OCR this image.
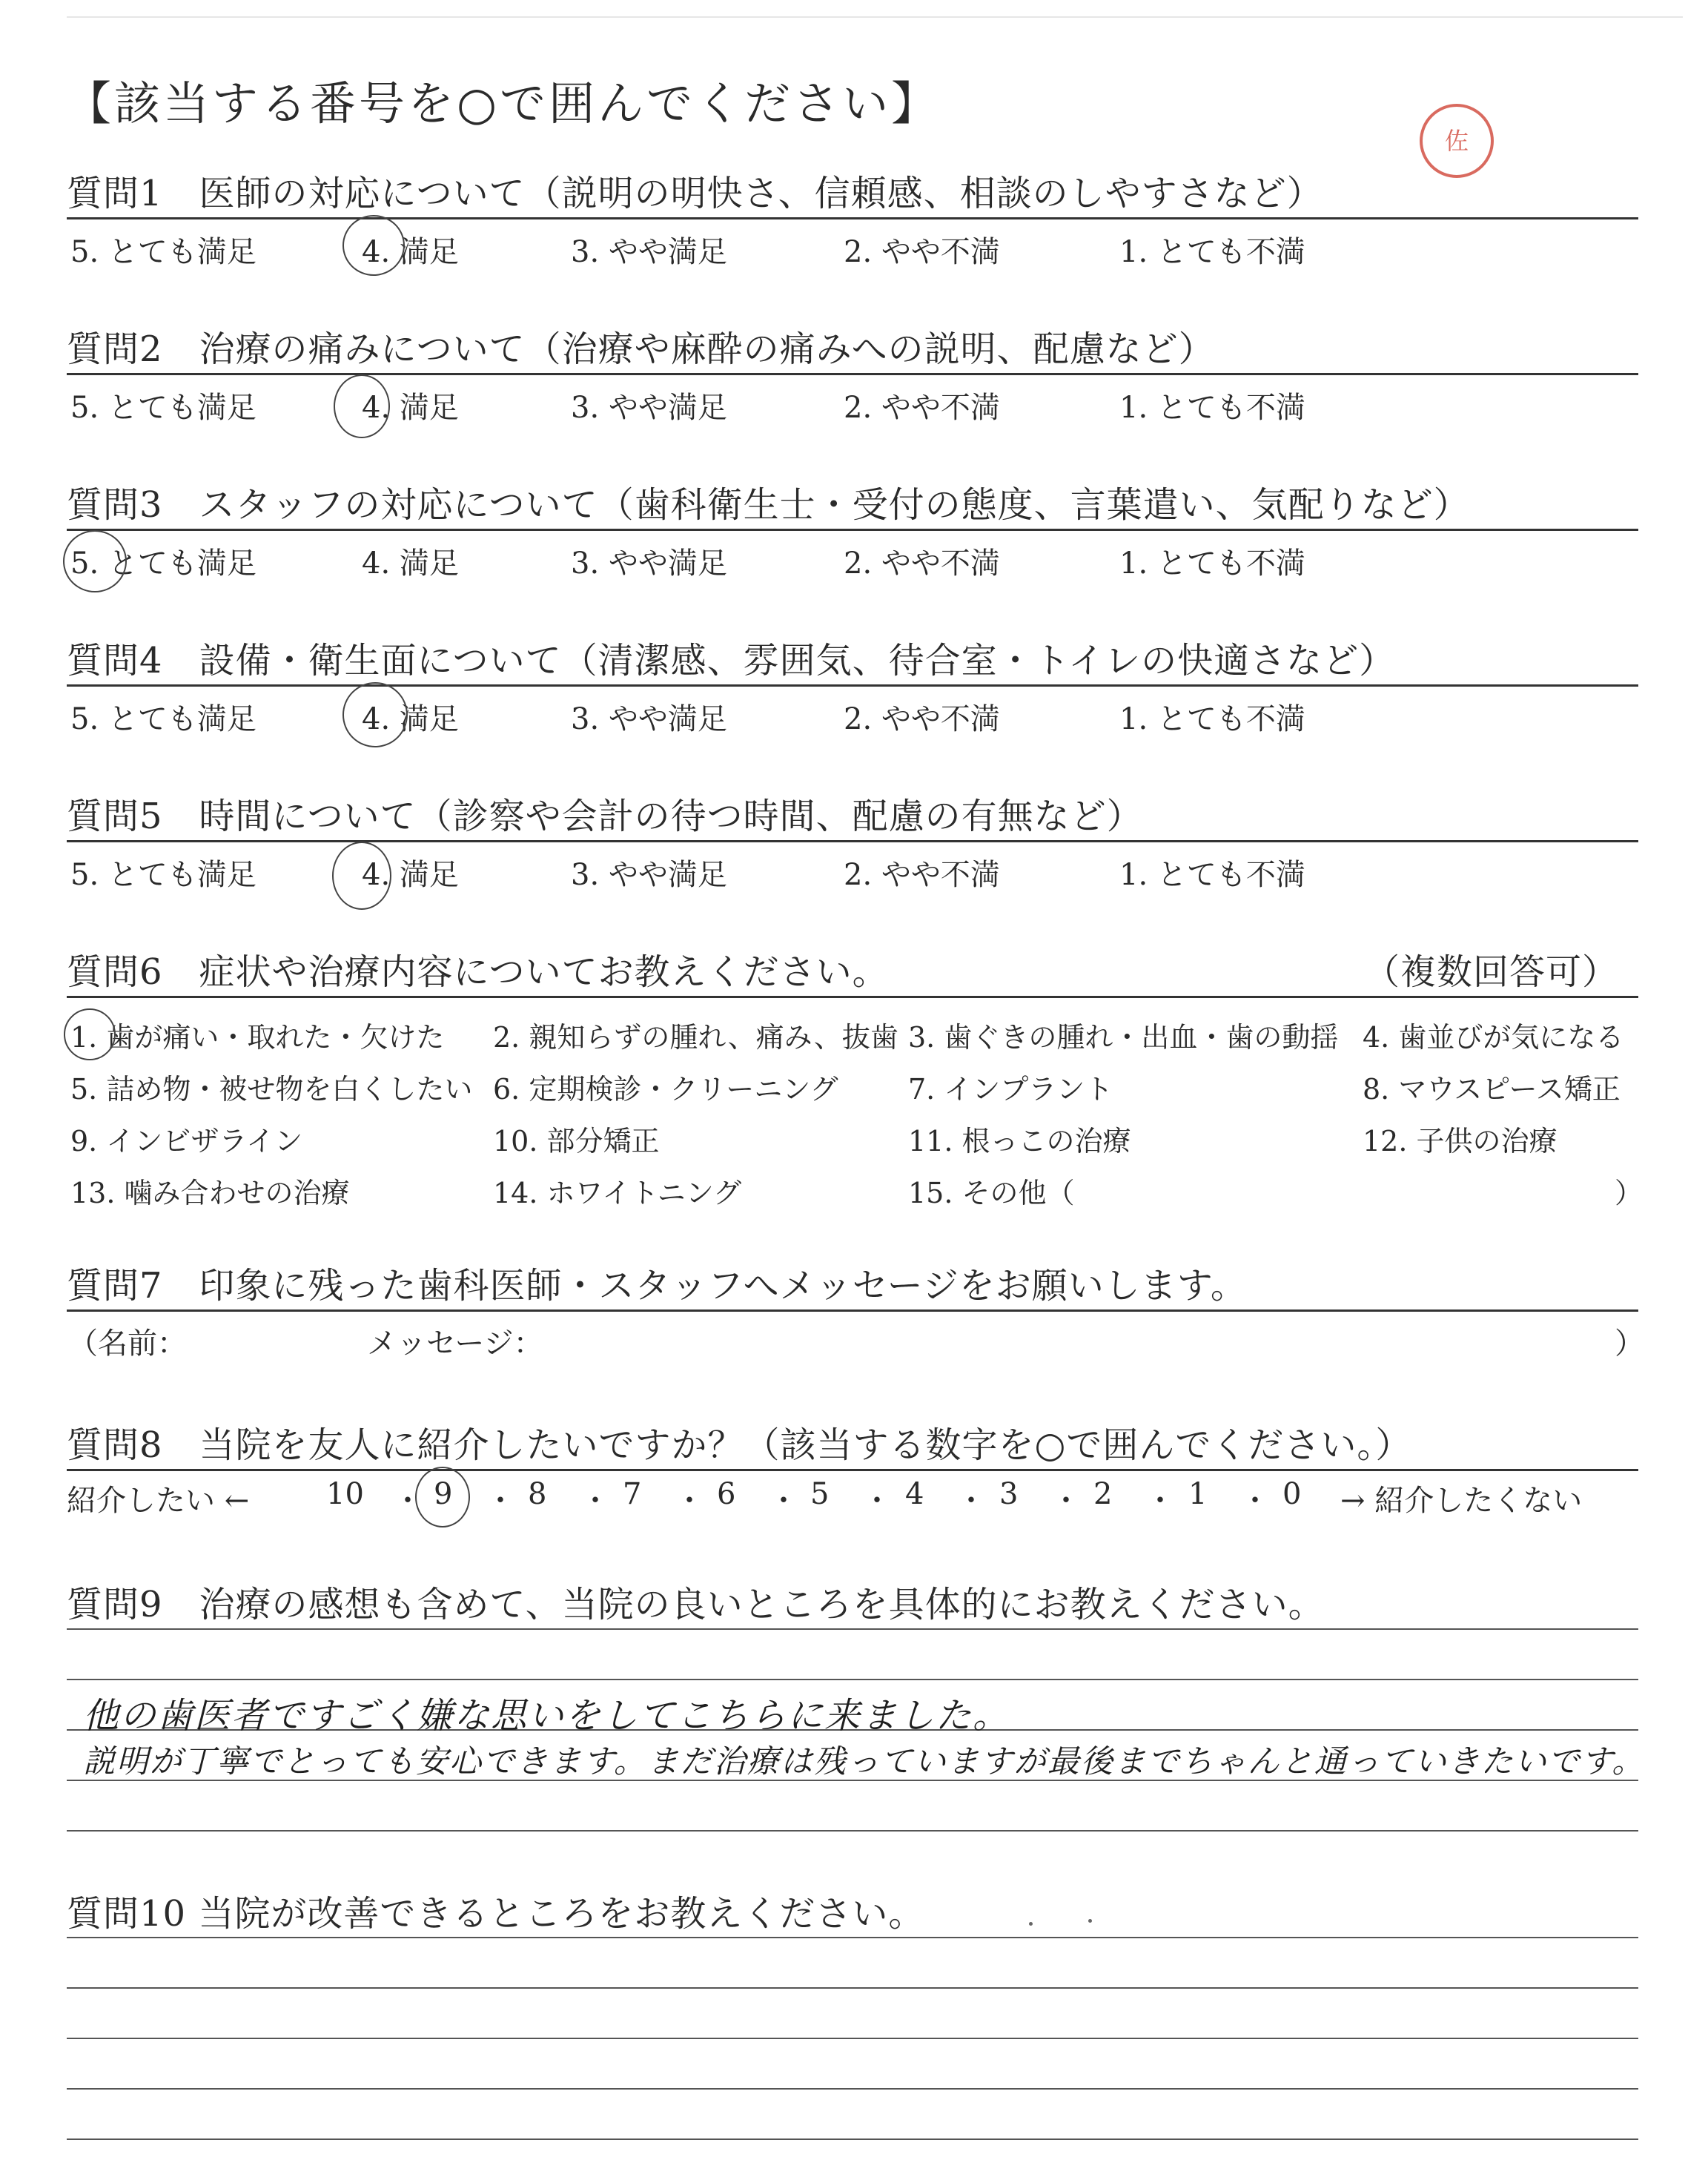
【該当する番号を○で囲んでください】
佐
質問1　医師の対応について（説明の明快さ、信頼感、相談のしやすさなど）
5. とても満足	4. 満足	3. やや満足	2. やや不満	1. とても不満
質問2　治療の痛みについて（治療や麻酔の痛みへの説明、配慮など）
5. とても満足	4. 満足	3. やや満足	2. やや不満	1. とても不満
質問3　スタッフの対応について（歯科衛生士・受付の態度、言葉遣い、気配りなど）
5. とても満足	4. 満足	3. やや満足	2. やや不満	1. とても不満
質問4　設備・衛生面について（清潔感、雰囲気、待合室・トイレの快適さなど）
5. とても満足	4. 満足	3. やや満足	2. やや不満	1. とても不満
質問5　時間について（診察や会計の待つ時間、配慮の有無など）
5. とても満足	4. 満足	3. やや満足	2. やや不満	1. とても不満
質問6　症状や治療内容についてお教えください。	（複数回答可）
1. 歯が痛い・取れた・欠けた 2. 親知らずの腫れ、痛み、抜歯 3. 歯ぐきの腫れ・出血・歯の動揺 4. 歯並びが気になる
5. 詰め物・被せ物を白くしたい 6. 定期検診・クリーニング 7. インプラント	8. マウスピース矯正
9. インビザライン	10. 部分矯正	11. 根っこの治療	12. 子供の治療
13. 噛み合わせの治療	14. ホワイトニング	15. その他（	）
質問7　印象に残った歯科医師・スタッフへメッセージをお願いします。
（名前：	メッセージ：	）
質問8　当院を友人に紹介したいですか？（該当する数字を○で囲んでください。）
紹介したい ←	10 ・ 9 ・ 8 ・ 7 ・ 6 ・ 5 ・ 4 ・ 3 ・ 2 ・ 1 ・ 0 → 紹介したくない
質問9　治療の感想も含めて、当院の良いところを具体的にお教えください。
他の歯医者ですごく嫌な思いをしてこちらに来ました。
説明が丁寧でとっても安心できます。まだ治療は残っていますが最後までちゃんと通っていきたいです。
質問10 当院が改善できるところをお教えください。
